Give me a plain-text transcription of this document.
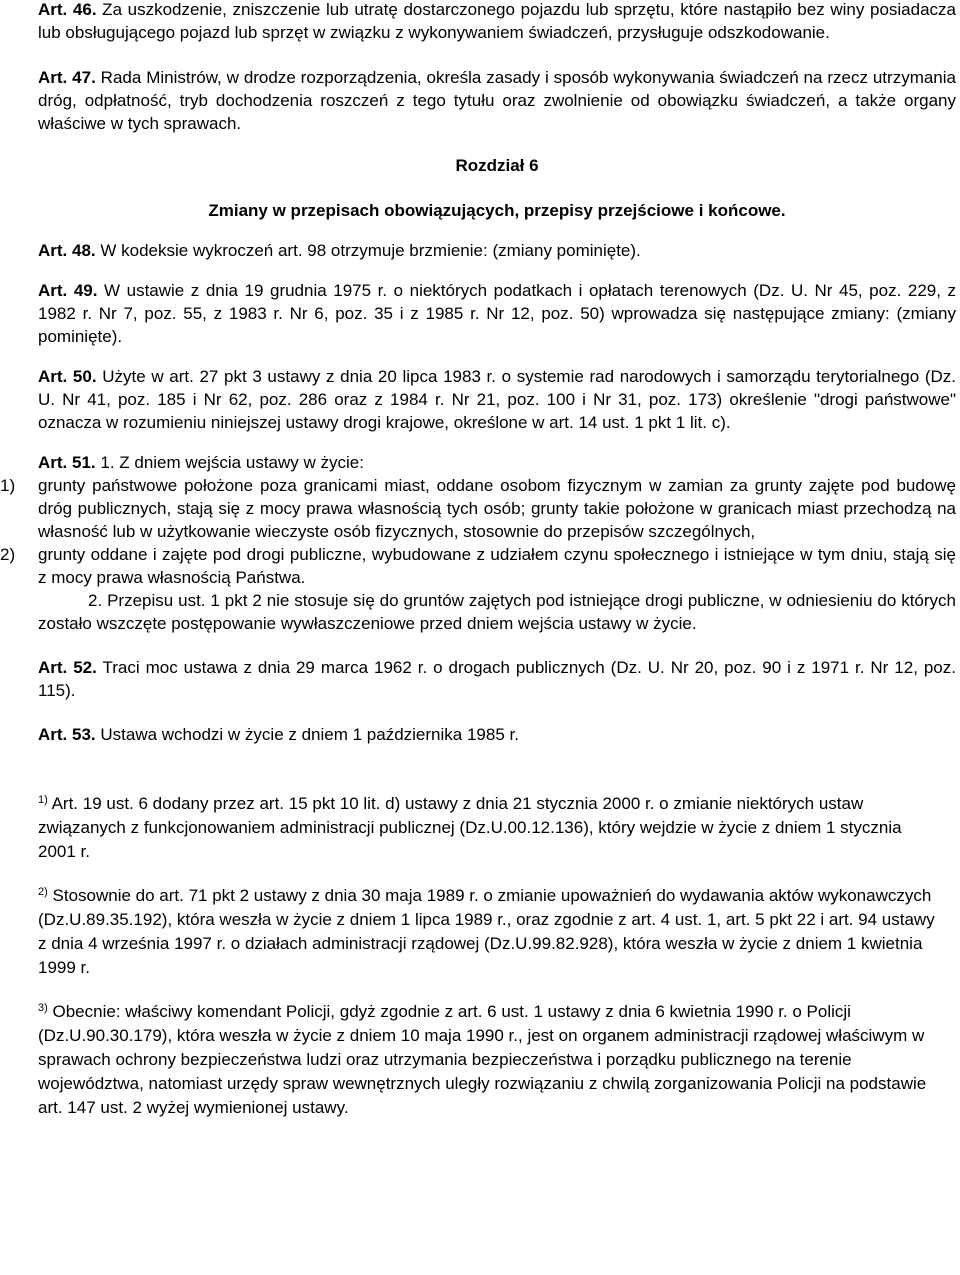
Art. 46. Za uszkodzenie, zniszczenie lub utratę dostarczonego pojazdu lub sprzętu, które nastąpiło bez winy posiadacza lub obsługującego pojazd lub sprzęt w związku z wykonywaniem świadczeń, przysługuje odszkodowanie.

Art. 47. Rada Ministrów, w drodze rozporządzenia, określa zasady i sposób wykonywania świadczeń na rzecz utrzymania dróg, odpłatność, tryb dochodzenia roszczeń z tego tytułu oraz zwolnienie od obowiązku świadczeń, a także organy właściwe w tych sprawach.

Rozdział 6

Zmiany w przepisach obowiązujących, przepisy przejściowe i końcowe.

Art. 48. W kodeksie wykroczeń art. 98 otrzymuje brzmienie: (zmiany pominięte).

Art. 49. W ustawie z dnia 19 grudnia 1975 r. o niektórych podatkach i opłatach terenowych (Dz. U. Nr 45, poz. 229, z 1982 r. Nr 7, poz. 55, z 1983 r. Nr 6, poz. 35 i z 1985 r. Nr 12, poz. 50) wprowadza się następujące zmiany: (zmiany pominięte).

Art. 50. Użyte w art. 27 pkt 3 ustawy z dnia 20 lipca 1983 r. o systemie rad narodowych i samorządu terytorialnego (Dz. U. Nr 41, poz. 185 i Nr 62, poz. 286 oraz z 1984 r. Nr 21, poz. 100 i Nr 31, poz. 173) określenie "drogi państwowe" oznacza w rozumieniu niniejszej ustawy drogi krajowe, określone w art. 14 ust. 1 pkt 1 lit. c).

Art. 51. 1. Z dniem wejścia ustawy w życie:

1)	grunty państwowe położone poza granicami miast, oddane osobom fizycznym w zamian za grunty zajęte pod budowę dróg publicznych, stają się z mocy prawa własnością tych osób; grunty takie położone w granicach miast przechodzą na własność lub w użytkowanie wieczyste osób fizycznych, stosownie do przepisów szczególnych,
2)	grunty oddane i zajęte pod drogi publiczne, wybudowane z udziałem czynu społecznego i istniejące w tym dniu, stają się z mocy prawa własnością Państwa.

2. Przepisu ust. 1 pkt 2 nie stosuje się do gruntów zajętych pod istniejące drogi publiczne, w odniesieniu do których zostało wszczęte postępowanie wywłaszczeniowe przed dniem wejścia ustawy w życie.

Art. 52. Traci moc ustawa z dnia 29 marca 1962 r. o drogach publicznych (Dz. U. Nr 20, poz. 90 i z 1971 r. Nr 12, poz. 115).

Art. 53. Ustawa wchodzi w życie z dniem 1 października 1985 r.

$^{1)}$ Art. 19 ust. 6 dodany przez art. 15 pkt 10 lit. d) ustawy z dnia 21 stycznia 2000 r. o zmianie niektórych ustaw związanych z funkcjonowaniem administracji publicznej (Dz.U.00.12.136), który wejdzie w życie z dniem 1 stycznia 2001 r.

$^{2)}$ Stosownie do art. 71 pkt 2 ustawy z dnia 30 maja 1989 r. o zmianie upoważnień do wydawania aktów wykonawczych (Dz.U.89.35.192), która weszła w życie z dniem 1 lipca 1989 r., oraz zgodnie z art. 4 ust. 1, art. 5 pkt 22 i art. 94 ustawy z dnia 4 września 1997 r. o działach administracji rządowej (Dz.U.99.82.928), która weszła w życie z dniem 1 kwietnia 1999 r.

$^{3)}$ Obecnie: właściwy komendant Policji, gdyż zgodnie z art. 6 ust. 1 ustawy z dnia 6 kwietnia 1990 r. o Policji (Dz.U.90.30.179), która weszła w życie z dniem 10 maja 1990 r., jest on organem administracji rządowej właściwym w sprawach ochrony bezpieczeństwa ludzi oraz utrzymania bezpieczeństwa i porządku publicznego na terenie województwa, natomiast urzędy spraw wewnętrznych uległy rozwiązaniu z chwilą zorganizowania Policji na podstawie art. 147 ust. 2 wyżej wymienionej ustawy.
